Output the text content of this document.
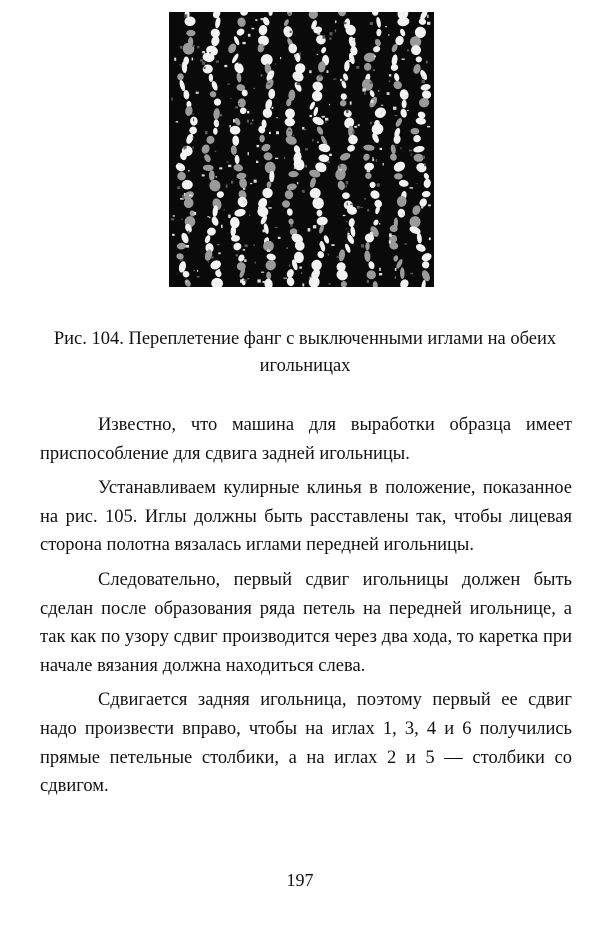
Рис. 104. Переплетение фанг с выключенными иглами на обеих игольницах

Известно, что машина для выработки образца имеет приспособление для сдвига задней игольницы.

Устанавливаем кулирные клинья в положение, показанное на рис. 105. Иглы должны быть расставлены так, чтобы лицевая сторона полотна вязалась иглами передней игольницы.

Следовательно, первый сдвиг игольницы должен быть сделан после образования ряда петель на передней игольнице, а так как по узору сдвиг производится через два хода, то каретка при начале вязания должна находиться слева.

Сдвигается задняя игольница, поэтому первый ее сдвиг надо произвести вправо, чтобы на иглах 1, 3, 4 и 6 получились прямые петельные столбики, а на иглах 2 и 5 — столбики со сдвигом.

197
